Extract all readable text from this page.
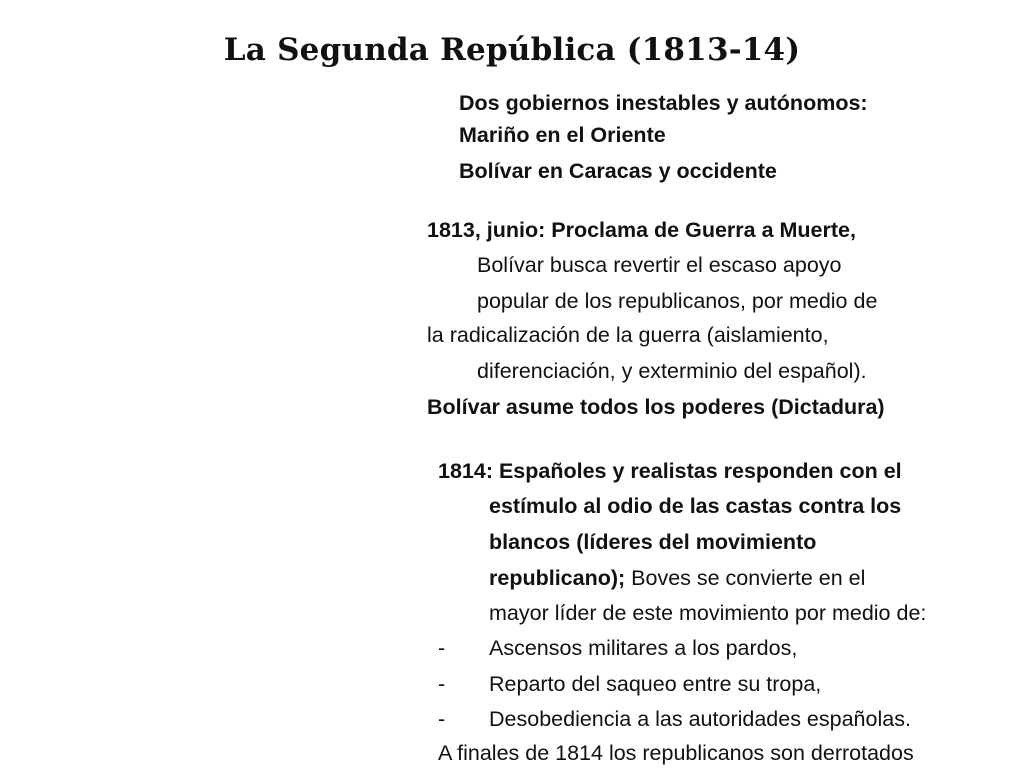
La Segunda República (1813-14)
Dos gobiernos inestables y autónomos:
Mariño en el Oriente
Bolívar en Caracas y occidente
1813, junio: Proclama de Guerra a Muerte,
Bolívar busca revertir el escaso apoyo
popular de los republicanos, por medio de
la radicalización de la guerra (aislamiento,
diferenciación, y exterminio del español).
Bolívar asume todos los poderes (Dictadura)
1814: Españoles y realistas responden con el
estímulo al odio de las castas contra los
blancos (líderes del movimiento
republicano); Boves se convierte en el
mayor líder de este movimiento por medio de:
- Ascensos militares a los pardos,
- Reparto del saqueo entre su tropa,
- Desobediencia a las autoridades españolas.
A finales de 1814 los republicanos son derrotados
